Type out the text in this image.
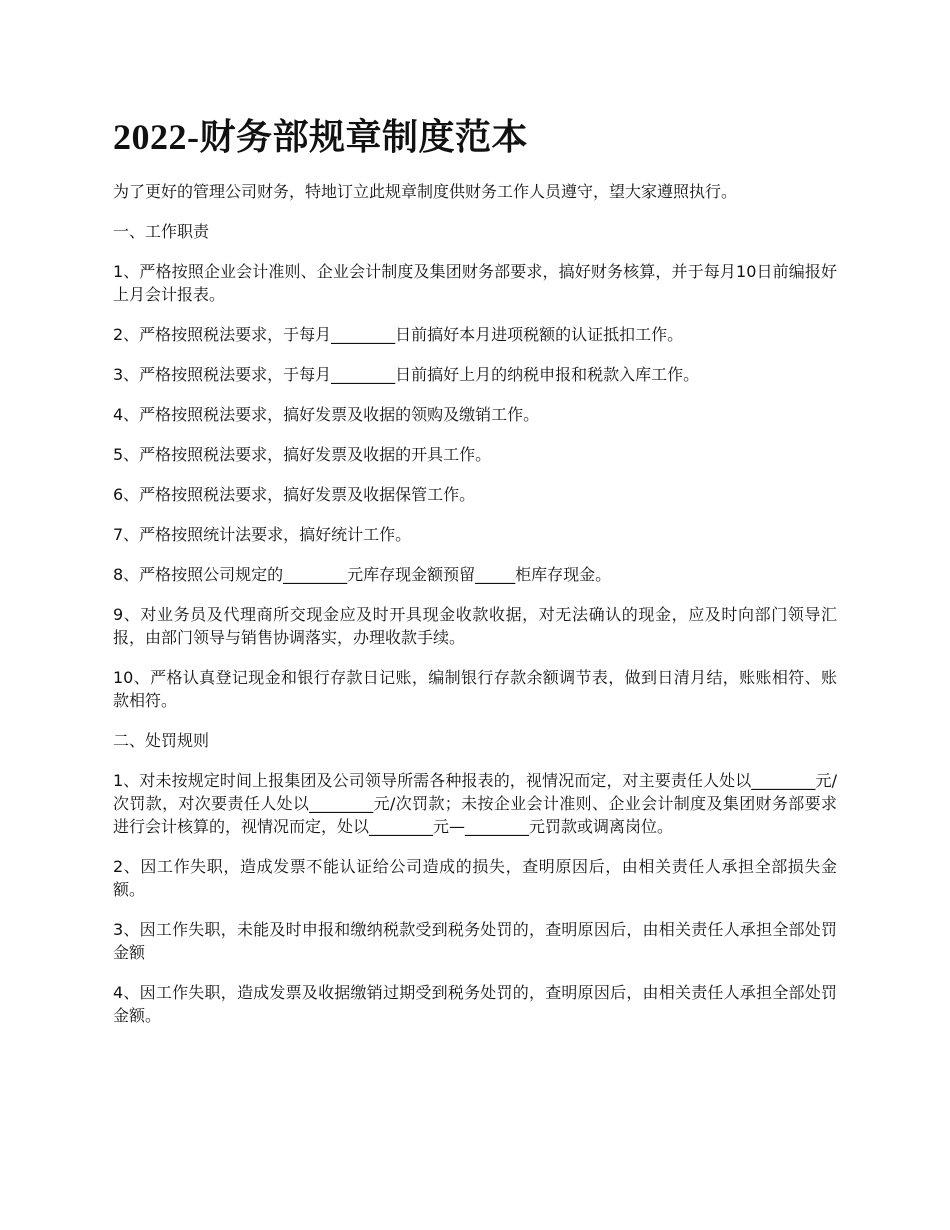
2022-财务部规章制度范本

为了更好的管理公司财务，特地订立此规章制度供财务工作人员遵守，望大家遵照执行。

一、工作职责

1、严格按照企业会计准则、企业会计制度及集团财务部要求，搞好财务核算，并于每月10日前编报好上月会计报表。

2、严格按照税法要求，于每月________日前搞好本月进项税额的认证抵扣工作。

3、严格按照税法要求，于每月________日前搞好上月的纳税申报和税款入库工作。

4、严格按照税法要求，搞好发票及收据的领购及缴销工作。

5、严格按照税法要求，搞好发票及收据的开具工作。

6、严格按照税法要求，搞好发票及收据保管工作。

7、严格按照统计法要求，搞好统计工作。

8、严格按照公司规定的________元库存现金额预留_____柜库存现金。

9、对业务员及代理商所交现金应及时开具现金收款收据，对无法确认的现金，应及时向部门领导汇报，由部门领导与销售协调落实，办理收款手续。

10、严格认真登记现金和银行存款日记账，编制银行存款余额调节表，做到日清月结，账账相符、账款相符。

二、处罚规则

1、对未按规定时间上报集团及公司领导所需各种报表的，视情况而定，对主要责任人处以________元/次罚款，对次要责任人处以________元/次罚款；未按企业会计准则、企业会计制度及集团财务部要求进行会计核算的，视情况而定，处以________元—________元罚款或调离岗位。

2、因工作失职，造成发票不能认证给公司造成的损失，查明原因后，由相关责任人承担全部损失金额。

3、因工作失职，未能及时申报和缴纳税款受到税务处罚的，查明原因后，由相关责任人承担全部处罚金额

4、因工作失职，造成发票及收据缴销过期受到税务处罚的，查明原因后，由相关责任人承担全部处罚金额。
